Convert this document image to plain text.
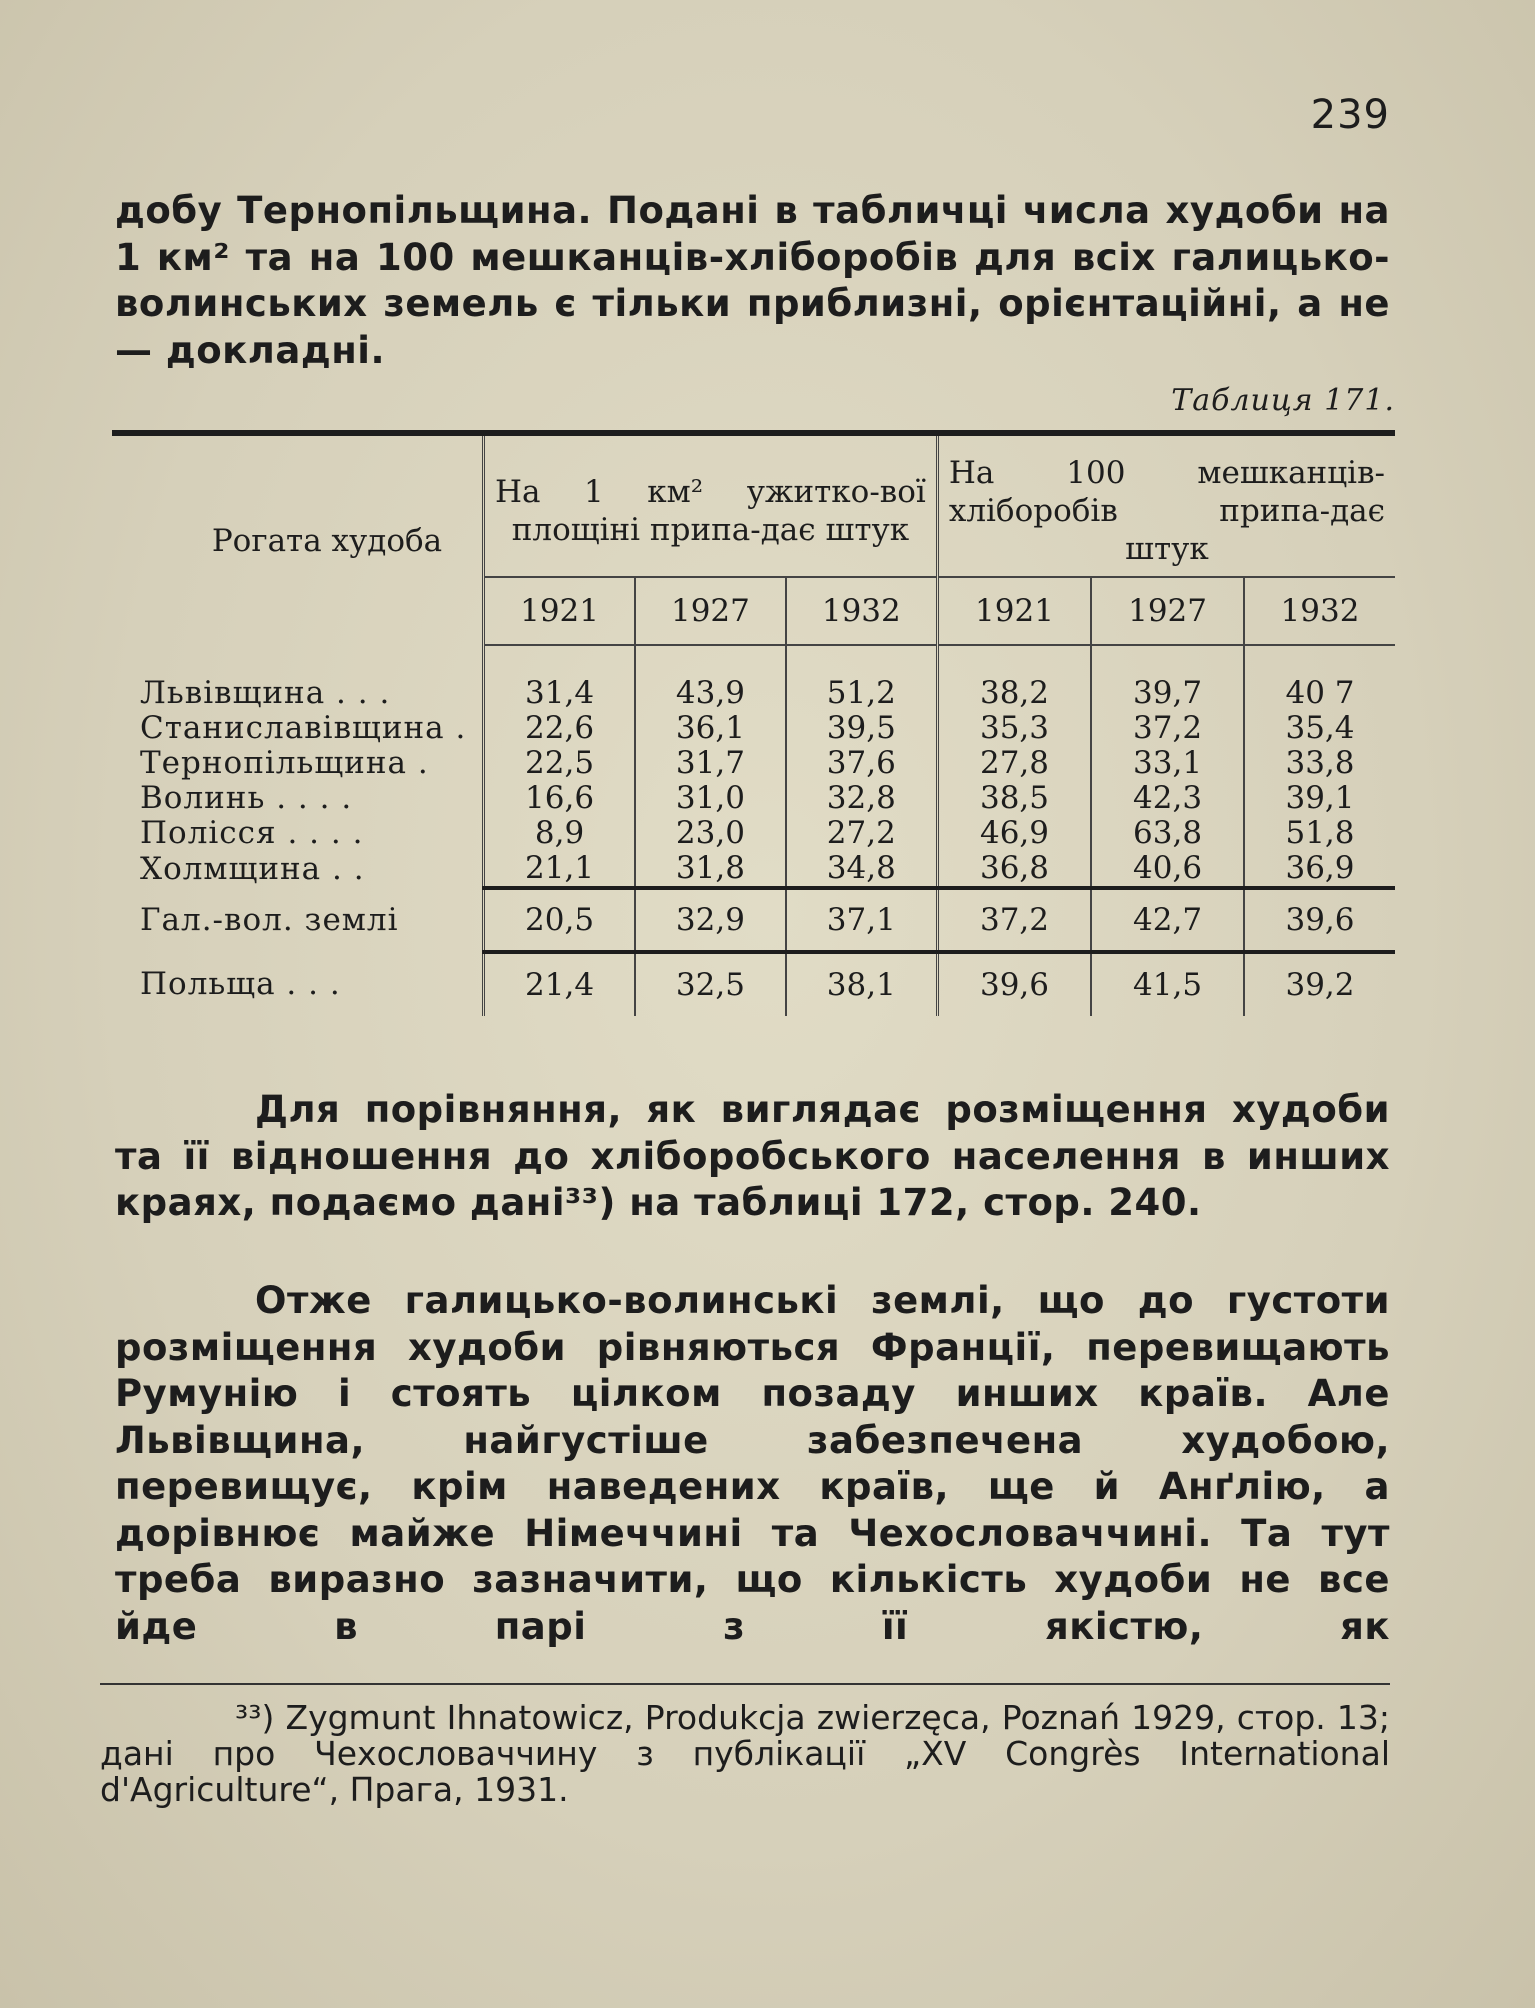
239

добу Тернопільщина. Подані в табличці числа худоби на 1 км² та на 100 мешканців-хліборобів для всіх галицько-волинських земель є тільки приблизні, орієнтаційні, а не — докладні.

Таблиця 171.
Рогата худоба	На 1 км² ужитко-вої площіні припа-дає штук			На 100 мешканців-хліборобів припа-дає штук		
	1921	1927	1932	1921	1927	1932
Львівщина . . .	31,4	43,9	51,2	38,2	39,7	40 7
Станиславівщина .	22,6	36,1	39,5	35,3	37,2	35,4
Тернопільщина .	22,5	31,7	37,6	27,8	33,1	33,8
Волинь . . . .	16,6	31,0	32,8	38,5	42,3	39,1
Полісся . . . .	8,9	23,0	27,2	46,9	63,8	51,8
Холмщина . .	21,1	31,8	34,8	36,8	40,6	36,9
Гал.-вол. землі	20,5	32,9	37,1	37,2	42,7	39,6
Польща . . .	21,4	32,5	38,1	39,6	41,5	39,2

Для порівняння, як виглядає розміщення худоби та її відношення до хліборобського населення в инших краях, подаємо дані³³) на таблиці 172, стор. 240.

Отже галицько-волинські землі, що до густоти розміщення худоби рівняються Франції, перевищають Румунію і стоять цілком позаду инших країв. Але Львівщина, найгустіше забезпечена худобою, перевищує, крім наведених країв, ще й Анґлію, а дорівнює майже Німеччині та Чехословаччині. Та тут треба виразно зазначити, що кількість худоби не все йде в парі з її якістю, як

³³) Zygmunt Ihnatowicz, Produkcja zwierzęca, Poznań 1929, стор. 13; дані про Чехословаччину з публікації „XV Congrès International d'Agriculture“, Прага, 1931.
